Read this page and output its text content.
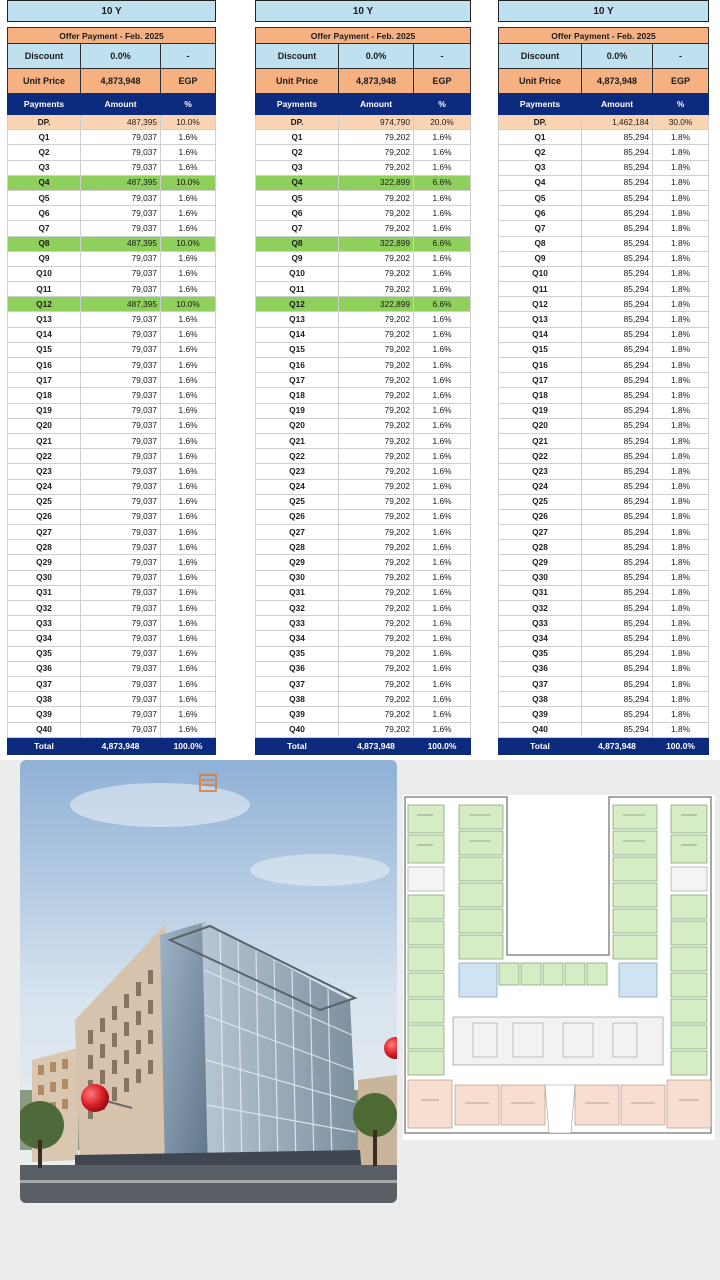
10 Y		

Offer Payment - Feb. 2025		
Discount	0.0%	-
Unit Price	4,873,948	EGP
Payments	Amount	%
DP.	487,395	10.0%
Q1	79,037	1.6%
Q2	79,037	1.6%
Q3	79,037	1.6%
Q4	487,395	10.0%
Q5	79,037	1.6%
Q6	79,037	1.6%
Q7	79,037	1.6%
Q8	487,395	10.0%
Q9	79,037	1.6%
Q10	79,037	1.6%
Q11	79,037	1.6%
Q12	487,395	10.0%
Q13	79,037	1.6%
Q14	79,037	1.6%
Q15	79,037	1.6%
Q16	79,037	1.6%
Q17	79,037	1.6%
Q18	79,037	1.6%
Q19	79,037	1.6%
Q20	79,037	1.6%
Q21	79,037	1.6%
Q22	79,037	1.6%
Q23	79,037	1.6%
Q24	79,037	1.6%
Q25	79,037	1.6%
Q26	79,037	1.6%
Q27	79,037	1.6%
Q28	79,037	1.6%
Q29	79,037	1.6%
Q30	79,037	1.6%
Q31	79,037	1.6%
Q32	79,037	1.6%
Q33	79,037	1.6%
Q34	79,037	1.6%
Q35	79,037	1.6%
Q36	79,037	1.6%
Q37	79,037	1.6%
Q38	79,037	1.6%
Q39	79,037	1.6%
Q40	79,037	1.6%
Total	4,873,948	100.0%
10 Y		

Offer Payment - Feb. 2025		
Discount	0.0%	-
Unit Price	4,873,948	EGP
Payments	Amount	%
DP.	974,790	20.0%
Q1	79,202	1.6%
Q2	79,202	1.6%
Q3	79,202	1.6%
Q4	322,899	6.6%
Q5	79,202	1.6%
Q6	79,202	1.6%
Q7	79,202	1.6%
Q8	322,899	6.6%
Q9	79,202	1.6%
Q10	79,202	1.6%
Q11	79,202	1.6%
Q12	322,899	6.6%
Q13	79,202	1.6%
Q14	79,202	1.6%
Q15	79,202	1.6%
Q16	79,202	1.6%
Q17	79,202	1.6%
Q18	79,202	1.6%
Q19	79,202	1.6%
Q20	79,202	1.6%
Q21	79,202	1.6%
Q22	79,202	1.6%
Q23	79,202	1.6%
Q24	79,202	1.6%
Q25	79,202	1.6%
Q26	79,202	1.6%
Q27	79,202	1.6%
Q28	79,202	1.6%
Q29	79,202	1.6%
Q30	79,202	1.6%
Q31	79,202	1.6%
Q32	79,202	1.6%
Q33	79,202	1.6%
Q34	79,202	1.6%
Q35	79,202	1.6%
Q36	79,202	1.6%
Q37	79,202	1.6%
Q38	79,202	1.6%
Q39	79,202	1.6%
Q40	79,202	1.6%
Total	4,873,948	100.0%
10 Y		

Offer Payment - Feb. 2025		
Discount	0.0%	-
Unit Price	4,873,948	EGP
Payments	Amount	%
DP.	1,462,184	30.0%
Q1	85,294	1.8%
Q2	85,294	1.8%
Q3	85,294	1.8%
Q4	85,294	1.8%
Q5	85,294	1.8%
Q6	85,294	1.8%
Q7	85,294	1.8%
Q8	85,294	1.8%
Q9	85,294	1.8%
Q10	85,294	1.8%
Q11	85,294	1.8%
Q12	85,294	1.8%
Q13	85,294	1.8%
Q14	85,294	1.8%
Q15	85,294	1.8%
Q16	85,294	1.8%
Q17	85,294	1.8%
Q18	85,294	1.8%
Q19	85,294	1.8%
Q20	85,294	1.8%
Q21	85,294	1.8%
Q22	85,294	1.8%
Q23	85,294	1.8%
Q24	85,294	1.8%
Q25	85,294	1.8%
Q26	85,294	1.8%
Q27	85,294	1.8%
Q28	85,294	1.8%
Q29	85,294	1.8%
Q30	85,294	1.8%
Q31	85,294	1.8%
Q32	85,294	1.8%
Q33	85,294	1.8%
Q34	85,294	1.8%
Q35	85,294	1.8%
Q36	85,294	1.8%
Q37	85,294	1.8%
Q38	85,294	1.8%
Q39	85,294	1.8%
Q40	85,294	1.8%
Total	4,873,948	100.0%
